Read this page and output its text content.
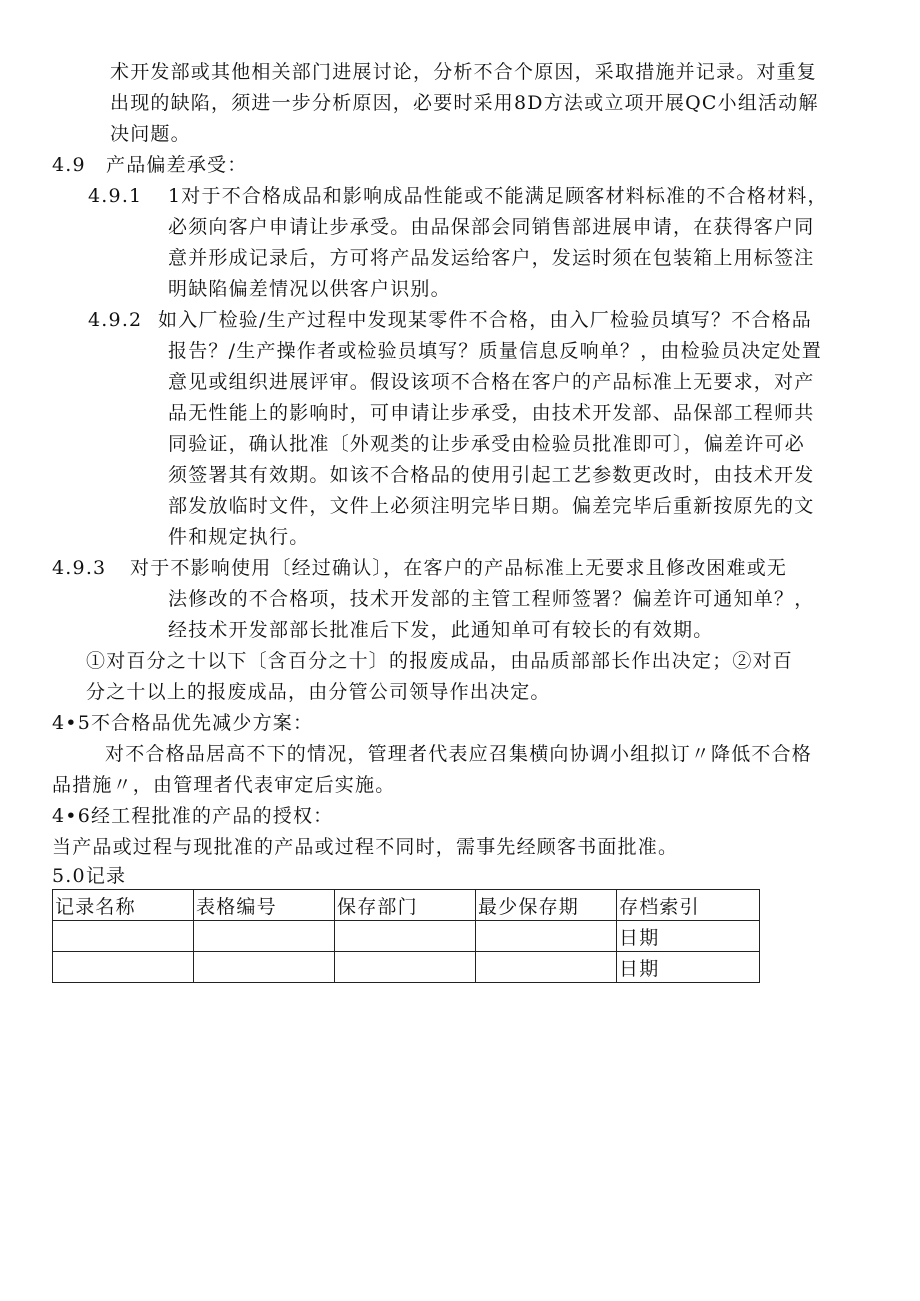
术开发部或其他相关部门进展讨论，分析不合个原因，采取措施并记录。对重复
出现的缺陷，须进一步分析原因，必要时采用8D方法或立项开展QC小组活动解
决问题。
4.9　产品偏差承受：
4.9.1 1对于不合格成品和影响成品性能或不能满足顾客材料标准的不合格材料，
必须向客户申请让步承受。由品保部会同销售部进展申请，在获得客户同
意并形成记录后，方可将产品发运给客户，发运时须在包装箱上用标签注
明缺陷偏差情况以供客户识别。
4.9.2 如入厂检验/生产过程中发现某零件不合格，由入厂检验员填写？不合格品
报告？/生产操作者或检验员填写？质量信息反响单？，由检验员决定处置
意见或组织进展评审。假设该项不合格在客户的产品标准上无要求，对产
品无性能上的影响时，可申请让步承受，由技术开发部、品保部工程师共
同验证，确认批准〔外观类的让步承受由检验员批准即可〕，偏差许可必
须签署其有效期。如该不合格品的使用引起工艺参数更改时，由技术开发
部发放临时文件，文件上必须注明完毕日期。偏差完毕后重新按原先的文
件和规定执行。
4.9.3 对于不影响使用〔经过确认〕，在客户的产品标准上无要求且修改困难或无
法修改的不合格项，技术开发部的主管工程师签署？偏差许可通知单？，
经技术开发部部长批准后下发，此通知单可有较长的有效期。
①对百分之十以下〔含百分之十〕的报废成品，由品质部部长作出决定；②对百
分之十以上的报废成品，由分管公司领导作出决定。
4•5不合格品优先减少方案：
对不合格品居高不下的情况，管理者代表应召集横向协调小组拟订〃降低不合格
品措施〃，由管理者代表审定后实施。
4•6经工程批准的产品的授权：
当产品或过程与现批准的产品或过程不同时，需事先经顾客书面批准。
5.0记录
记录名称	表格编号	保存部门	最少保存期	存档索引
				日期
				日期
